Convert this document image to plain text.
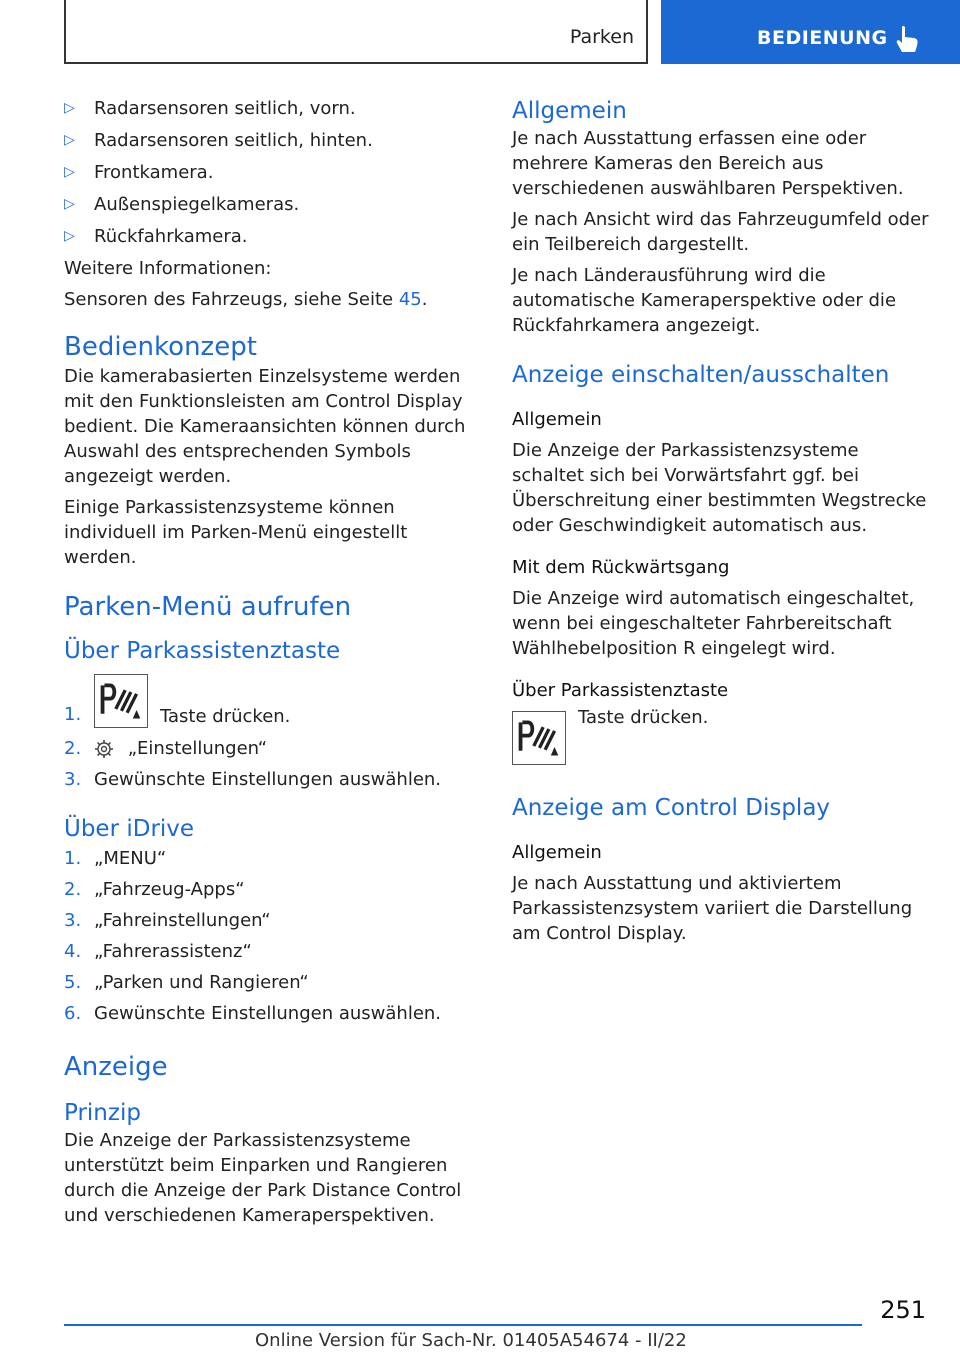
Parken	BEDIENUNG

▷ Radarsensoren seitlich, vorn.

▷ Radarsensoren seitlich, hinten.

▷ Frontkamera.

▷ Außenspiegelkameras.

▷ Rückfahrkamera.

Weitere Informationen:

Sensoren des Fahrzeugs, siehe Seite 45.

Bedienkonzept

Die kamerabasierten Einzelsysteme werden mit den Funktionsleisten am Control Display bedient. Die Kameraansichten können durch Auswahl des entsprechenden Symbols angezeigt werden.

Einige Parkassistenzsysteme können individuell im Parken-Menü eingestellt werden.

Parken-Menü aufrufen
Über Parkassistenztaste

1.	Taste drücken.

2.	„Einstellungen“

3. Gewünschte Einstellungen auswählen.

Über iDrive

1. „MENU“

2. „Fahrzeug-Apps“

3. „Fahreinstellungen“

4. „Fahrerassistenz“

5. „Parken und Rangieren“

6. Gewünschte Einstellungen auswählen.

Anzeige
Prinzip

Die Anzeige der Parkassistenzsysteme unterstützt beim Einparken und Rangieren durch die Anzeige der Park Distance Control und verschiedenen Kameraperspektiven.

Allgemein

Je nach Ausstattung erfassen eine oder mehrere Kameras den Bereich aus verschiedenen auswählbaren Perspektiven.

Je nach Ansicht wird das Fahrzeugumfeld oder ein Teilbereich dargestellt.

Je nach Länderausführung wird die automatische Kameraperspektive oder die Rückfahrkamera angezeigt.

Anzeige einschalten/ausschalten
Allgemein

Die Anzeige der Parkassistenzsysteme schaltet sich bei Vorwärtsfahrt ggf. bei Überschreitung einer bestimmten Wegstrecke oder Geschwindigkeit automatisch aus.

Mit dem Rückwärtsgang

Die Anzeige wird automatisch eingeschaltet, wenn bei eingeschalteter Fahrbereitschaft Wählhebelposition R eingelegt wird.

Über Parkassistenztaste

Taste drücken.

Anzeige am Control Display
Allgemein

Je nach Ausstattung und aktiviertem Parkassistenzsystem variiert die Darstellung am Control Display.

251
Online Version für Sach-Nr. 01405A54674 - II/22
